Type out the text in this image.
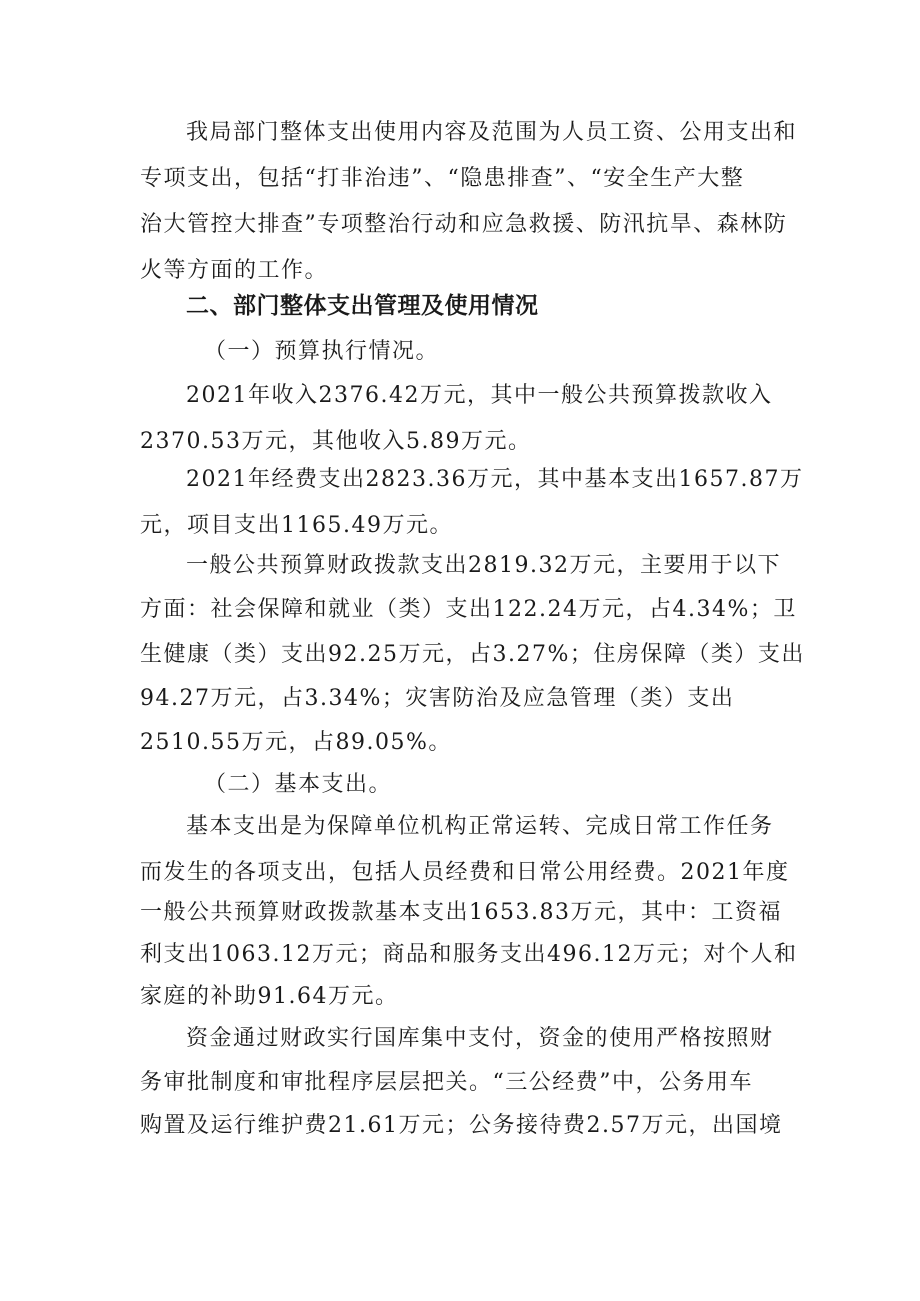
我局部门整体支出使用内容及范围为人员工资、公用支出和
专项支出，包括“打非治违”、“隐患排查”、“安全生产大整
治大管控大排查”专项整治行动和应急救援、防汛抗旱、森林防
火等方面的工作。
二、部门整体支出管理及使用情况
（一）预算执行情况。
2021年收入2376.42万元，其中一般公共预算拨款收入
2370.53万元，其他收入5.89万元。
2021年经费支出2823.36万元，其中基本支出1657.87万
元，项目支出1165.49万元。
一般公共预算财政拨款支出2819.32万元，主要用于以下
方面：社会保障和就业（类）支出122.24万元，占4.34%；卫
生健康（类）支出92.25万元，占3.27%；住房保障（类）支出
94.27万元，占3.34%；灾害防治及应急管理（类）支出
2510.55万元，占89.05%。
（二）基本支出。
基本支出是为保障单位机构正常运转、完成日常工作任务
而发生的各项支出，包括人员经费和日常公用经费。2021年度
一般公共预算财政拨款基本支出1653.83万元，其中：工资福
利支出1063.12万元；商品和服务支出496.12万元；对个人和
家庭的补助91.64万元。
资金通过财政实行国库集中支付，资金的使用严格按照财
务审批制度和审批程序层层把关。“三公经费”中，公务用车
购置及运行维护费21.61万元；公务接待费2.57万元，出国境
